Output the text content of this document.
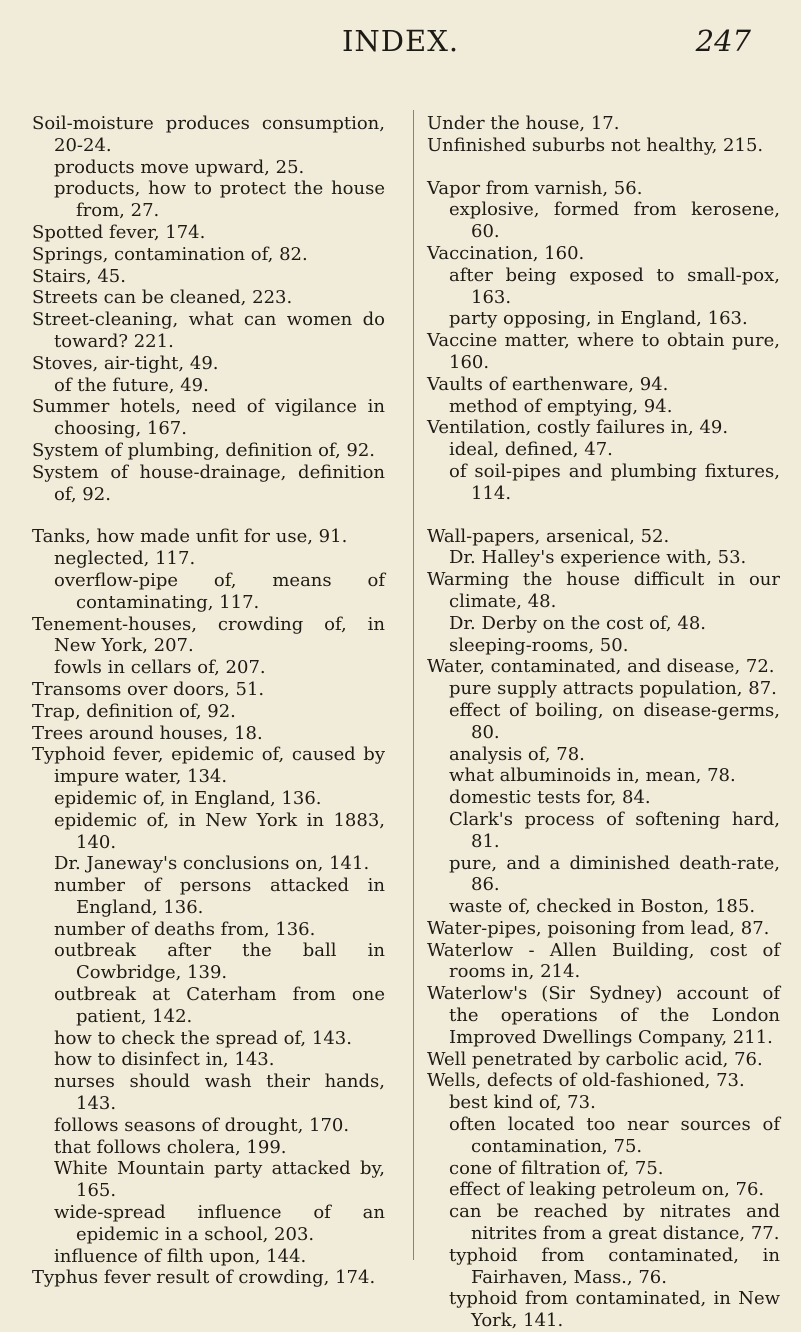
INDEX.	247
Soil-moisture produces consumption, 20-24.
products move upward, 25.
products, how to protect the house from, 27.
Spotted fever, 174.
Springs, contamination of, 82.
Stairs, 45.
Streets can be cleaned, 223.
Street-cleaning, what can women do toward? 221.
Stoves, air-tight, 49.
of the future, 49.
Summer hotels, need of vigilance in choosing, 167.
System of plumbing, definition of, 92.
System of house-drainage, definition of, 92.
Tanks, how made unfit for use, 91.
neglected, 117.
overflow-pipe of, means of contaminating, 117.
Tenement-houses, crowding of, in New York, 207.
fowls in cellars of, 207.
Transoms over doors, 51.
Trap, definition of, 92.
Trees around houses, 18.
Typhoid fever, epidemic of, caused by impure water, 134.
epidemic of, in England, 136.
epidemic of, in New York in 1883, 140.
Dr. Janeway's conclusions on, 141.
number of persons attacked in England, 136.
number of deaths from, 136.
outbreak after the ball in Cowbridge, 139.
outbreak at Caterham from one patient, 142.
how to check the spread of, 143.
how to disinfect in, 143.
nurses should wash their hands, 143.
follows seasons of drought, 170.
that follows cholera, 199.
White Mountain party attacked by, 165.
wide-spread influence of an epidemic in a school, 203.
influence of filth upon, 144.
Typhus fever result of crowding, 174.
Under the house, 17.
Unfinished suburbs not healthy, 215.
Vapor from varnish, 56.
explosive, formed from kerosene, 60.
Vaccination, 160.
after being exposed to small-pox, 163.
party opposing, in England, 163.
Vaccine matter, where to obtain pure, 160.
Vaults of earthenware, 94.
method of emptying, 94.
Ventilation, costly failures in, 49.
ideal, defined, 47.
of soil-pipes and plumbing fixtures, 114.
Wall-papers, arsenical, 52.
Dr. Halley's experience with, 53.
Warming the house difficult in our climate, 48.
Dr. Derby on the cost of, 48.
sleeping-rooms, 50.
Water, contaminated, and disease, 72.
pure supply attracts population, 87.
effect of boiling, on disease-germs, 80.
analysis of, 78.
what albuminoids in, mean, 78.
domestic tests for, 84.
Clark's process of softening hard, 81.
pure, and a diminished death-rate, 86.
waste of, checked in Boston, 185.
Water-pipes, poisoning from lead, 87.
Waterlow - Allen Building, cost of rooms in, 214.
Waterlow's (Sir Sydney) account of the operations of the London Improved Dwellings Company, 211.
Well penetrated by carbolic acid, 76.
Wells, defects of old-fashioned, 73.
best kind of, 73.
often located too near sources of contamination, 75.
cone of filtration of, 75.
effect of leaking petroleum on, 76.
can be reached by nitrates and nitrites from a great distance, 77.
typhoid from contaminated, in Fairhaven, Mass., 76.
typhoid from contaminated, in New York, 141.
